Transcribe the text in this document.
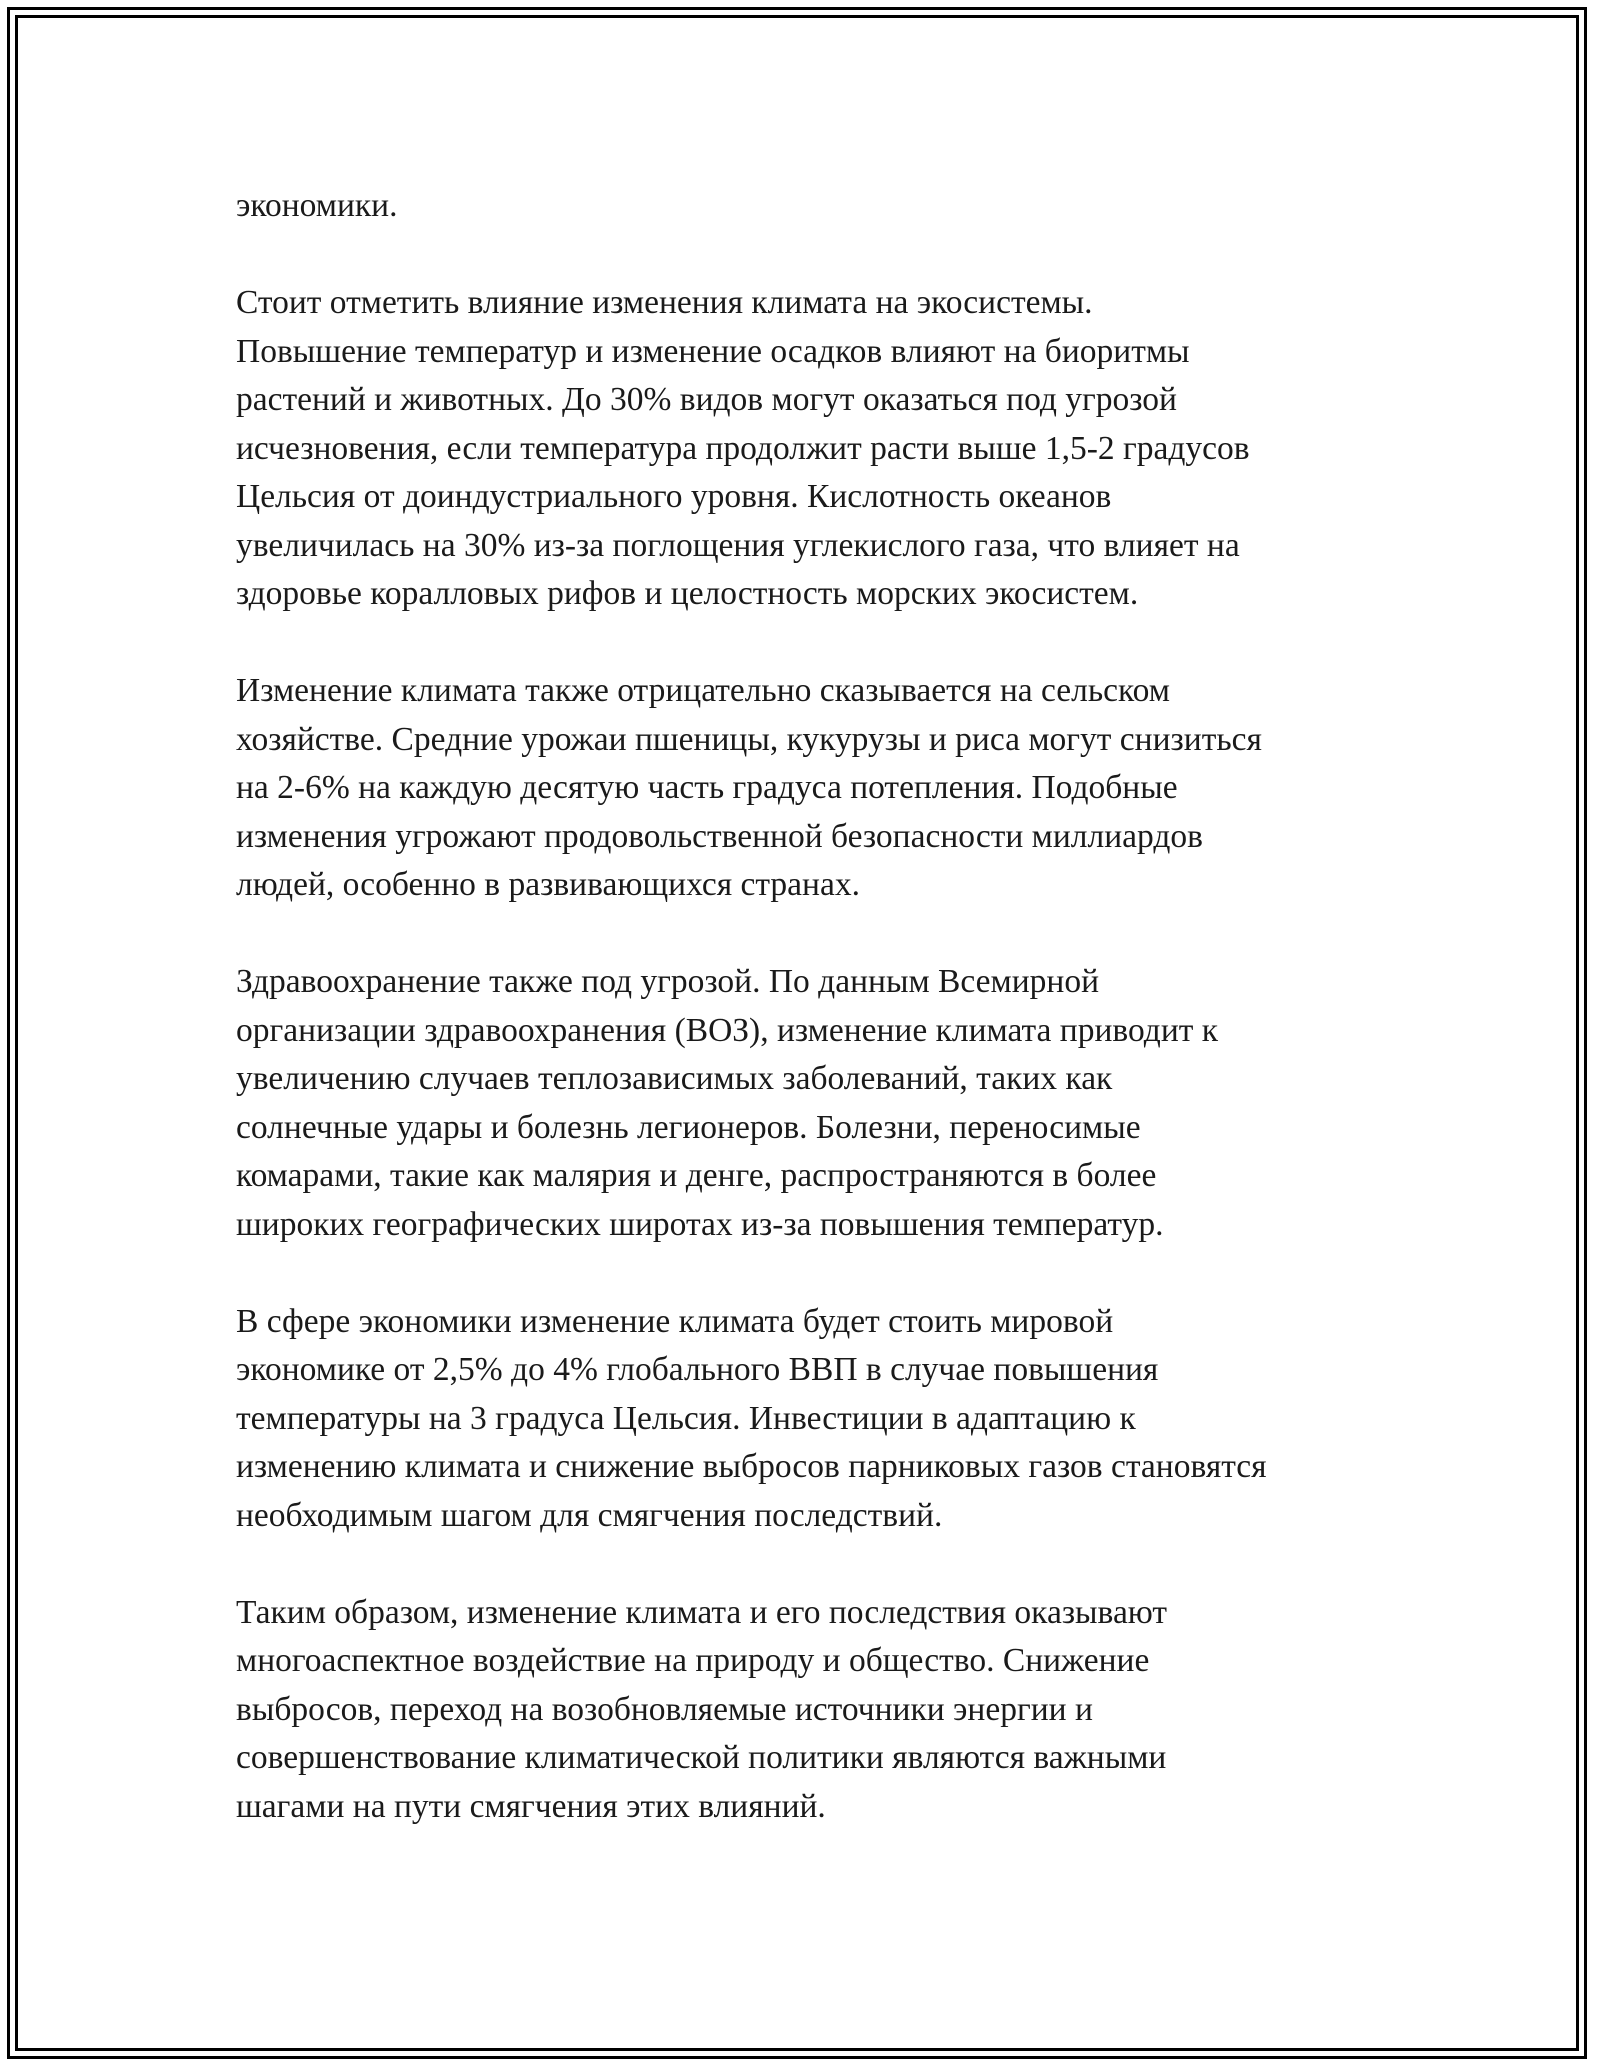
экономики.

Стоит отметить влияние изменения климата на экосистемы.
Повышение температур и изменение осадков влияют на биоритмы
растений и животных. До 30% видов могут оказаться под угрозой
исчезновения, если температура продолжит расти выше 1,5-2 градусов
Цельсия от доиндустриального уровня. Кислотность океанов
увеличилась на 30% из-за поглощения углекислого газа, что влияет на
здоровье коралловых рифов и целостность морских экосистем.

Изменение климата также отрицательно сказывается на сельском
хозяйстве. Средние урожаи пшеницы, кукурузы и риса могут снизиться
на 2-6% на каждую десятую часть градуса потепления. Подобные
изменения угрожают продовольственной безопасности миллиардов
людей, особенно в развивающихся странах.

Здравоохранение также под угрозой. По данным Всемирной
организации здравоохранения (ВОЗ), изменение климата приводит к
увеличению случаев теплозависимых заболеваний, таких как
солнечные удары и болезнь легионеров. Болезни, переносимые
комарами, такие как малярия и денге, распространяются в более
широких географических широтах из-за повышения температур.

В сфере экономики изменение климата будет стоить мировой
экономике от 2,5% до 4% глобального ВВП в случае повышения
температуры на 3 градуса Цельсия. Инвестиции в адаптацию к
изменению климата и снижение выбросов парниковых газов становятся
необходимым шагом для смягчения последствий.

Таким образом, изменение климата и его последствия оказывают
многоаспектное воздействие на природу и общество. Снижение
выбросов, переход на возобновляемые источники энергии и
совершенствование климатической политики являются важными
шагами на пути смягчения этих влияний.
